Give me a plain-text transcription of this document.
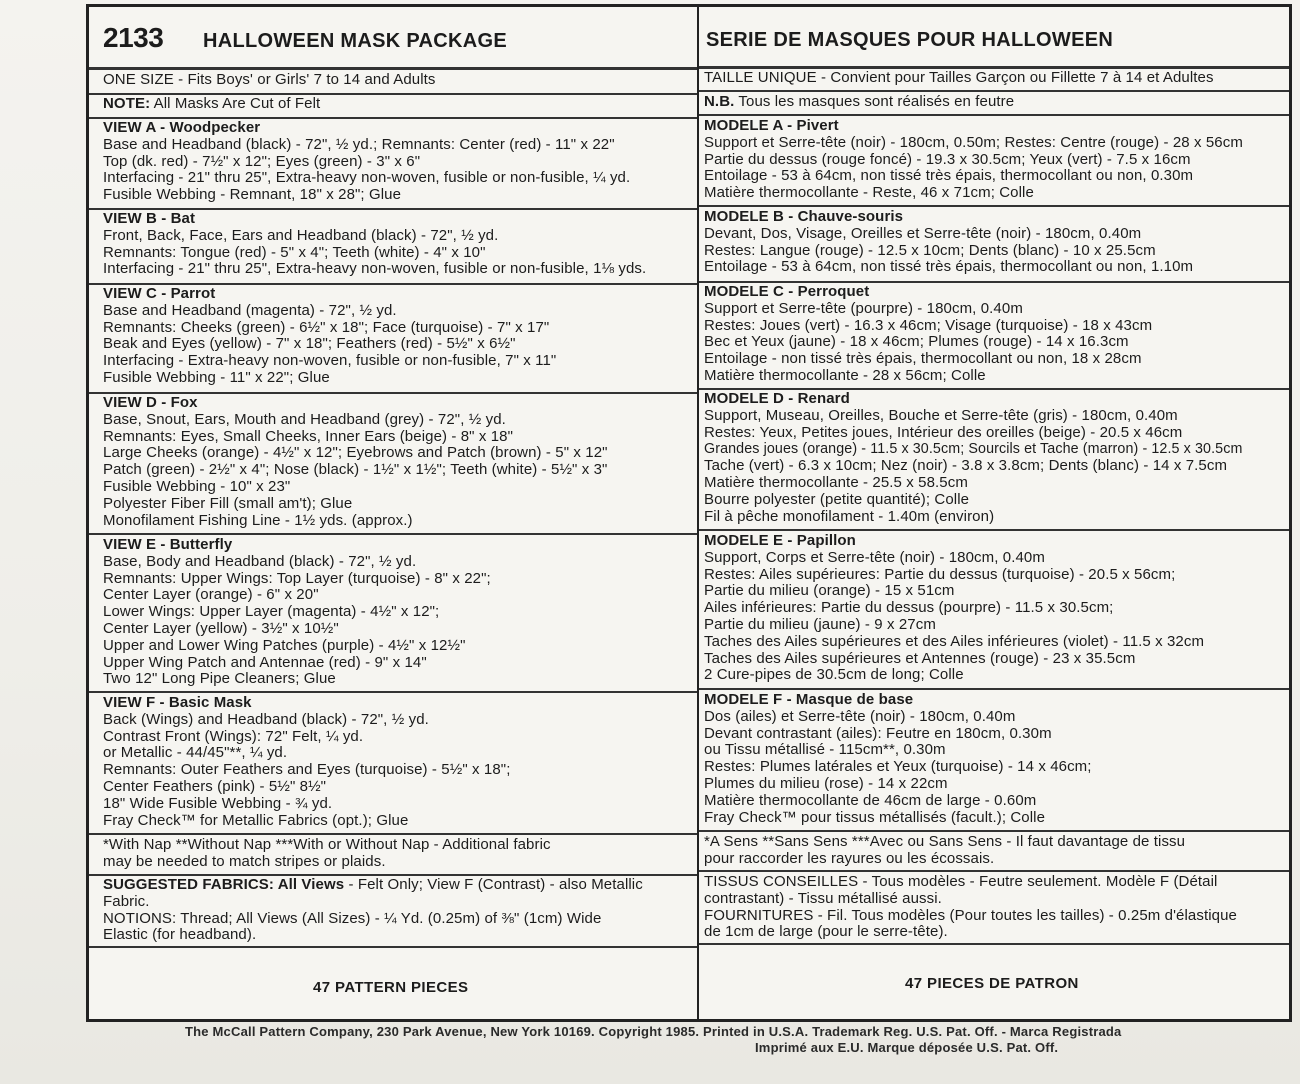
2133 HALLOWEEN MASK PACKAGE	SERIE DE MASQUES POUR HALLOWEEN
ONE SIZE - Fits Boys' or Girls' 7 to 14 and Adults
NOTE: All Masks Are Cut of Felt
VIEW A - Woodpecker
Base and Headband (black) - 72", ½ yd.; Remnants: Center (red) - 11" x 22"
Top (dk. red) - 7½" x 12"; Eyes (green) - 3" x 6"
Interfacing - 21" thru 25", Extra-heavy non-woven, fusible or non-fusible, ¼ yd.
Fusible Webbing - Remnant, 18" x 28"; Glue
VIEW B - Bat
Front, Back, Face, Ears and Headband (black) - 72", ½ yd.
Remnants: Tongue (red) - 5" x 4"; Teeth (white) - 4" x 10"
Interfacing - 21" thru 25", Extra-heavy non-woven, fusible or non-fusible, 1⅛ yds.
VIEW C - Parrot
Base and Headband (magenta) - 72", ½ yd.
Remnants: Cheeks (green) - 6½" x 18"; Face (turquoise) - 7" x 17"
Beak and Eyes (yellow) - 7" x 18"; Feathers (red) - 5½" x 6½"
Interfacing - Extra-heavy non-woven, fusible or non-fusible, 7" x 11"
Fusible Webbing - 11" x 22"; Glue
VIEW D - Fox
Base, Snout, Ears, Mouth and Headband (grey) - 72", ½ yd.
Remnants: Eyes, Small Cheeks, Inner Ears (beige) - 8" x 18"
Large Cheeks (orange) - 4½" x 12"; Eyebrows and Patch (brown) - 5" x 12"
Patch (green) - 2½" x 4"; Nose (black) - 1½" x 1½"; Teeth (white) - 5½" x 3"
Fusible Webbing - 10" x 23"
Polyester Fiber Fill (small am't); Glue
Monofilament Fishing Line - 1½ yds. (approx.)
VIEW E - Butterfly
Base, Body and Headband (black) - 72", ½ yd.
Remnants: Upper Wings: Top Layer (turquoise) - 8" x 22";
Center Layer (orange) - 6" x 20"
Lower Wings: Upper Layer (magenta) - 4½" x 12";
Center Layer (yellow) - 3½" x 10½"
Upper and Lower Wing Patches (purple) - 4½" x 12½"
Upper Wing Patch and Antennae (red) - 9" x 14"
Two 12" Long Pipe Cleaners; Glue
VIEW F - Basic Mask
Back (Wings) and Headband (black) - 72", ½ yd.
Contrast Front (Wings): 72" Felt, ¼ yd.
or Metallic - 44/45"**, ¼ yd.
Remnants: Outer Feathers and Eyes (turquoise) - 5½" x 18";
Center Feathers (pink) - 5½" 8½"
18" Wide Fusible Webbing - ¾ yd.
Fray Check™ for Metallic Fabrics (opt.); Glue
*With Nap **Without Nap ***With or Without Nap - Additional fabric
may be needed to match stripes or plaids.
SUGGESTED FABRICS: All Views - Felt Only; View F (Contrast) - also Metallic
Fabric.
NOTIONS: Thread; All Views (All Sizes) - ¼ Yd. (0.25m) of ⅜" (1cm) Wide
Elastic (for headband).
47 PATTERN PIECES
TAILLE UNIQUE - Convient pour Tailles Garçon ou Fillette 7 à 14 et Adultes
N.B. Tous les masques sont réalisés en feutre
MODELE A - Pivert
Support et Serre-tête (noir) - 180cm, 0.50m; Restes: Centre (rouge) - 28 x 56cm
Partie du dessus (rouge foncé) - 19.3 x 30.5cm; Yeux (vert) - 7.5 x 16cm
Entoilage - 53 à 64cm, non tissé très épais, thermocollant ou non, 0.30m
Matière thermocollante - Reste, 46 x 71cm; Colle
MODELE B - Chauve-souris
Devant, Dos, Visage, Oreilles et Serre-tête (noir) - 180cm, 0.40m
Restes: Langue (rouge) - 12.5 x 10cm; Dents (blanc) - 10 x 25.5cm
Entoilage - 53 à 64cm, non tissé très épais, thermocollant ou non, 1.10m
MODELE C - Perroquet
Support et Serre-tête (pourpre) - 180cm, 0.40m
Restes: Joues (vert) - 16.3 x 46cm; Visage (turquoise) - 18 x 43cm
Bec et Yeux (jaune) - 18 x 46cm; Plumes (rouge) - 14 x 16.3cm
Entoilage - non tissé très épais, thermocollant ou non, 18 x 28cm
Matière thermocollante - 28 x 56cm; Colle
MODELE D - Renard
Support, Museau, Oreilles, Bouche et Serre-tête (gris) - 180cm, 0.40m
Restes: Yeux, Petites joues, Intérieur des oreilles (beige) - 20.5 x 46cm
Grandes joues (orange) - 11.5 x 30.5cm; Sourcils et Tache (marron) - 12.5 x 30.5cm
Tache (vert) - 6.3 x 10cm; Nez (noir) - 3.8 x 3.8cm; Dents (blanc) - 14 x 7.5cm
Matière thermocollante - 25.5 x 58.5cm
Bourre polyester (petite quantité); Colle
Fil à pêche monofilament - 1.40m (environ)
MODELE E - Papillon
Support, Corps et Serre-tête (noir) - 180cm, 0.40m
Restes: Ailes supérieures: Partie du dessus (turquoise) - 20.5 x 56cm;
Partie du milieu (orange) - 15 x 51cm
Ailes inférieures: Partie du dessus (pourpre) - 11.5 x 30.5cm;
Partie du milieu (jaune) - 9 x 27cm
Taches des Ailes supérieures et des Ailes inférieures (violet) - 11.5 x 32cm
Taches des Ailes supérieures et Antennes (rouge) - 23 x 35.5cm
2 Cure-pipes de 30.5cm de long; Colle
MODELE F - Masque de base
Dos (ailes) et Serre-tête (noir) - 180cm, 0.40m
Devant contrastant (ailes): Feutre en 180cm, 0.30m
ou Tissu métallisé - 115cm**, 0.30m
Restes: Plumes latérales et Yeux (turquoise) - 14 x 46cm;
Plumes du milieu (rose) - 14 x 22cm
Matière thermocollante de 46cm de large - 0.60m
Fray Check™ pour tissus métallisés (facult.); Colle
*A Sens **Sans Sens ***Avec ou Sans Sens - Il faut davantage de tissu
pour raccorder les rayures ou les écossais.
TISSUS CONSEILLES - Tous modèles - Feutre seulement. Modèle F (Détail
contrastant) - Tissu métallisé aussi.
FOURNITURES - Fil. Tous modèles (Pour toutes les tailles) - 0.25m d'élastique
de 1cm de large (pour le serre-tête).
47 PIECES DE PATRON
The McCall Pattern Company, 230 Park Avenue, New York 10169. Copyright 1985. Printed in U.S.A. Trademark Reg. U.S. Pat. Off. - Marca Registrada
Imprimé aux E.U. Marque déposée U.S. Pat. Off.
